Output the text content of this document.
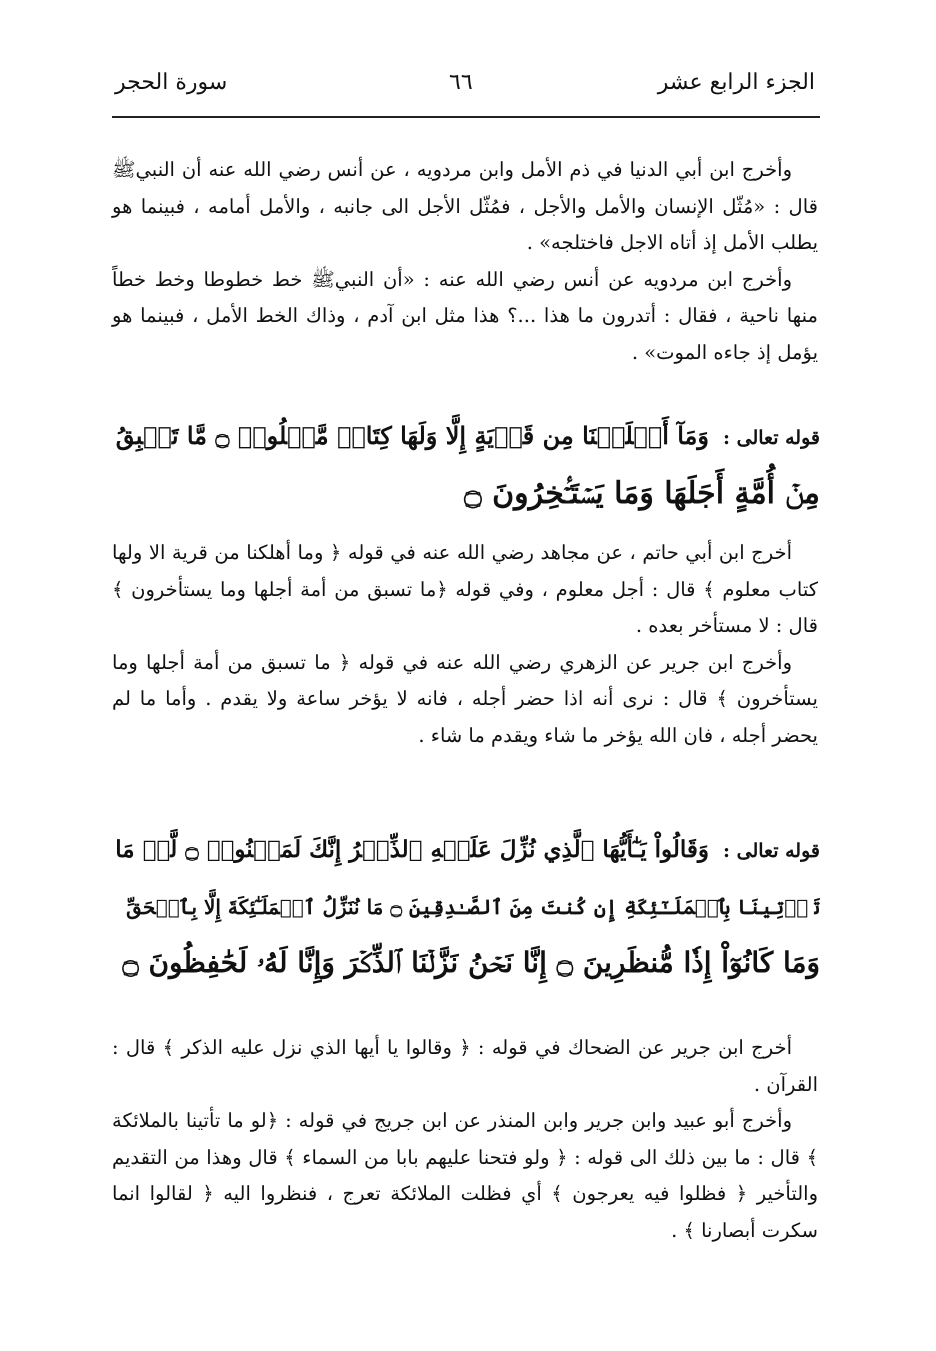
الجزء الرابع عشر
٦٦
سورة الحجر

وأخرج ابن أبي الدنيا في ذم الأمل وابن مردويه ، عن أنس رضي الله عنه أن النبيﷺ قال : «مُثّل الإنسان والأمل والأجل ، فمُثّل الأجل الى جانبه ، والأمل أمامه ، فبينما هو يطلب الأمل إذ أتاه الاجل فاختلجه» .

وأخرج ابن مردويه عن أنس رضي الله عنه : «أن النبيﷺ خط خطوطا وخط خطاً منها ناحية ، فقال : أتدرون ما هذا ...؟ هذا مثل ابن آدم ، وذاك الخط الأمل ، فبينما هو يؤمل إذ جاءه الموت» .

قوله تعالى :وَمَآ أَهۡلَكۡنَا مِن قَرۡيَةٍ إِلَّا وَلَهَا كِتَابٞ مَّعۡلُومٞ ۝ مَّا تَسۡبِقُ
مِنۡ أُمَّةٍ أَجَلَهَا وَمَا يَسۡتَـٔۡخِرُونَ ۝

أخرج ابن أبي حاتم ، عن مجاهد رضي الله عنه في قوله ﴿ وما أهلكنا من قرية الا ولها كتاب معلوم ﴾ قال : أجل معلوم ، وفي قوله ﴿ما تسبق من أمة أجلها وما يستأخرون ﴾ قال : لا مستأخر بعده .

وأخرج ابن جرير عن الزهري رضي الله عنه في قوله ﴿ ما تسبق من أمة أجلها وما يستأخرون ﴾ قال : نرى أنه اذا حضر أجله ، فانه لا يؤخر ساعة ولا يقدم . وأما ما لم يحضر أجله ، فان الله يؤخر ما شاء ويقدم ما شاء .

قوله تعالى :وَقَالُواْ يَـٰٓأَيُّهَا ٱلَّذِي نُزِّلَ عَلَيۡهِ ٱلذِّكۡرُ إِنَّكَ لَمَجۡنُونٞ ۝ لَّوۡ مَا
تَأۡتِينَا بِٱلۡمَلَـٰٓئِكَةِ إِن كُنتَ مِنَ ٱلصَّـٰدِقِينَ ۝ مَا نُنَزِّلُ ٱلۡمَلَـٰٓئِكَةَ إِلَّا بِٱلۡحَقِّ
وَمَا كَانُوٓاْ إِذٗا مُّنظَرِينَ ۝ إِنَّا نَحۡنُ نَزَّلۡنَا ٱلذِّكۡرَ وَإِنَّا لَهُۥ لَحَٰفِظُونَ ۝

أخرج ابن جرير عن الضحاك في قوله : ﴿ وقالوا يا أيها الذي نزل عليه الذكر ﴾ قال : القرآن .

وأخرج أبو عبيد وابن جرير وابن المنذر عن ابن جريج في قوله : ﴿لو ما تأتينا بالملائكة ﴾ قال : ما بين ذلك الى قوله : ﴿ ولو فتحنا عليهم بابا من السماء ﴾ قال وهذا من التقديم والتأخير ﴿ فظلوا فيه يعرجون ﴾ أي فظلت الملائكة تعرج ، فنظروا اليه ﴿ لقالوا انما سكرت أبصارنا ﴾ .
